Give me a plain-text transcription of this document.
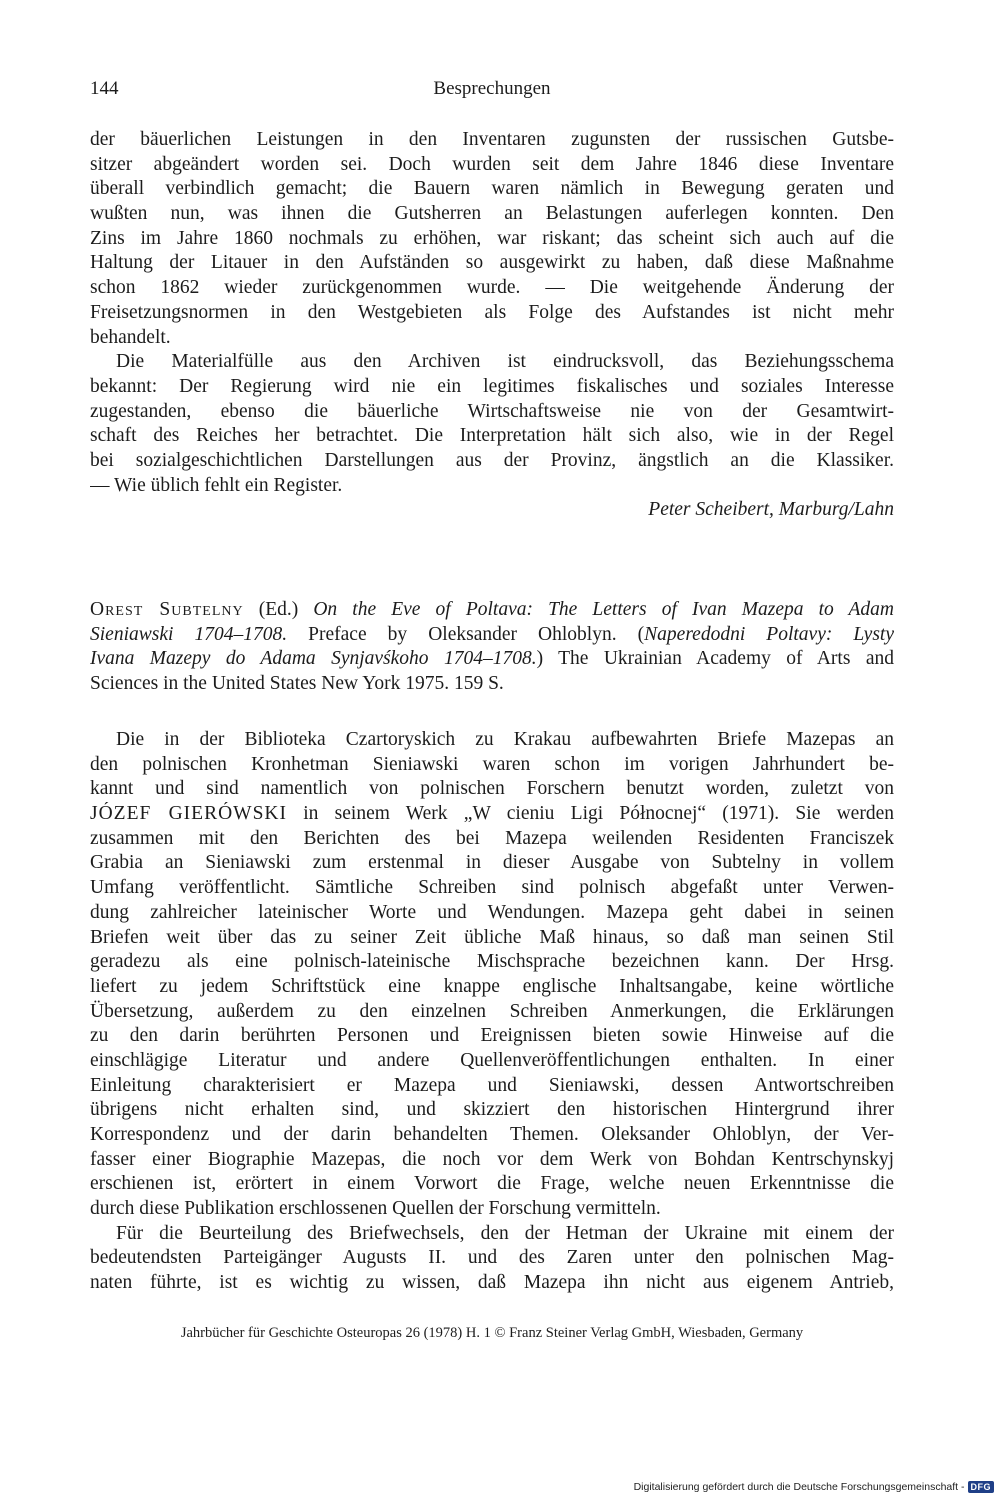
144	Besprechungen
der bäuerlichen Leistungen in den Inventaren zugunsten der russischen Gutsbe-
sitzer abgeändert worden sei. Doch wurden seit dem Jahre 1846 diese Inventare
überall verbindlich gemacht; die Bauern waren nämlich in Bewegung geraten und
wußten nun, was ihnen die Gutsherren an Belastungen auferlegen konnten. Den
Zins im Jahre 1860 nochmals zu erhöhen, war riskant; das scheint sich auch auf die
Haltung der Litauer in den Aufständen so ausgewirkt zu haben, daß diese Maßnahme
schon 1862 wieder zurückgenommen wurde. — Die weitgehende Änderung der
Freisetzungsnormen in den Westgebieten als Folge des Aufstandes ist nicht mehr
behandelt.
Die Materialfülle aus den Archiven ist eindrucksvoll, das Beziehungsschema
bekannt: Der Regierung wird nie ein legitimes fiskalisches und soziales Interesse
zugestanden, ebenso die bäuerliche Wirtschaftsweise nie von der Gesamtwirt-
schaft des Reiches her betrachtet. Die Interpretation hält sich also, wie in der Regel
bei sozialgeschichtlichen Darstellungen aus der Provinz, ängstlich an die Klassiker.
— Wie üblich fehlt ein Register.
Peter Scheibert, Marburg/Lahn
Orest Subtelny (Ed.) On the Eve of Poltava: The Letters of Ivan Mazepa to Adam
Sieniawski 1704–1708. Preface by Oleksander Ohloblyn. (Naperedodni Poltavy: Lysty
Ivana Mazepy do Adama Synjavśkoho 1704–1708.) The Ukrainian Academy of Arts and
Sciences in the United States New York 1975. 159 S.
Die in der Biblioteka Czartoryskich zu Krakau aufbewahrten Briefe Mazepas an
den polnischen Kronhetman Sieniawski waren schon im vorigen Jahrhundert be-
kannt und sind namentlich von polnischen Forschern benutzt worden, zuletzt von
JÓZEF GIERÓWSKI in seinem Werk „W cieniu Ligi Północnej“ (1971). Sie werden
zusammen mit den Berichten des bei Mazepa weilenden Residenten Franciszek
Grabia an Sieniawski zum erstenmal in dieser Ausgabe von Subtelny in vollem
Umfang veröffentlicht. Sämtliche Schreiben sind polnisch abgefaßt unter Verwen-
dung zahlreicher lateinischer Worte und Wendungen. Mazepa geht dabei in seinen
Briefen weit über das zu seiner Zeit übliche Maß hinaus, so daß man seinen Stil
geradezu als eine polnisch-lateinische Mischsprache bezeichnen kann. Der Hrsg.
liefert zu jedem Schriftstück eine knappe englische Inhaltsangabe, keine wörtliche
Übersetzung, außerdem zu den einzelnen Schreiben Anmerkungen, die Erklärungen
zu den darin berührten Personen und Ereignissen bieten sowie Hinweise auf die
einschlägige Literatur und andere Quellenveröffentlichungen enthalten. In einer
Einleitung charakterisiert er Mazepa und Sieniawski, dessen Antwortschreiben
übrigens nicht erhalten sind, und skizziert den historischen Hintergrund ihrer
Korrespondenz und der darin behandelten Themen. Oleksander Ohloblyn, der Ver-
fasser einer Biographie Mazepas, die noch vor dem Werk von Bohdan Kentrschynskyj
erschienen ist, erörtert in einem Vorwort die Frage, welche neuen Erkenntnisse die
durch diese Publikation erschlossenen Quellen der Forschung vermitteln.
Für die Beurteilung des Briefwechsels, den der Hetman der Ukraine mit einem der
bedeutendsten Parteigänger Augusts II. und des Zaren unter den polnischen Mag-
naten führte, ist es wichtig zu wissen, daß Mazepa ihn nicht aus eigenem Antrieb,
Jahrbücher für Geschichte Osteuropas 26 (1978) H. 1 © Franz Steiner Verlag GmbH, Wiesbaden, Germany
Digitalisierung gefördert durch die Deutsche Forschungsgemeinschaft - DFG
